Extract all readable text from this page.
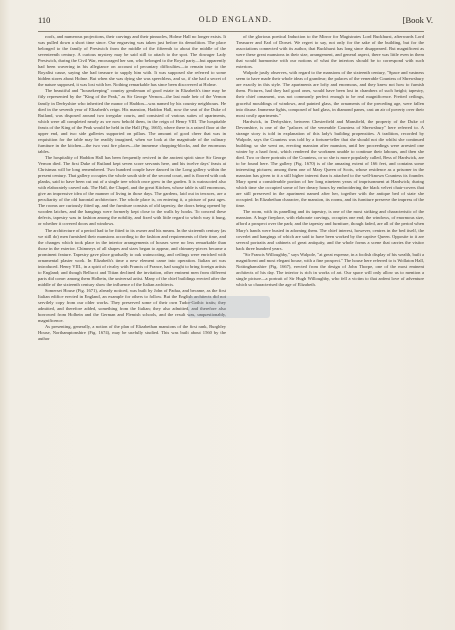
110	OLD ENGLAND.	[Book V.

roofs, and numerous projections, their carvings and their pinnacles, Holme Hall no longer exists. It was pulled down a short time since. Our engraving was taken just before its demolition. The place belonged to the family of Prestwich from the middle of the fifteenth to about the middle of the seventeenth century. A curious mystery may be said still to attach to the spot. The dowager Lady Prestwich, during the Civil War, encouraged her son, who belonged to the Royal party—but apparently had been wavering in his allegiance on account of pecuniary difficulties—to remain true to the Royalist cause, saying she had treasure to supply him with. It was supposed she referred to some hidden stores about Holme. But when she was dying she was speechless, and so, if she had a secret of the nature supposed, it was lost with her. Nothing remarkable has since been discovered at Holme.

The beautiful and "housekeeping" country gentleman of good estate in Elizabeth's time may be fitly represented by the "King of the Peak," as Sir George Vernon—the last male heir of the Vernon family in Derbyshire who inherited the manor of Haddon—was named by his country neighbours. He died in the seventh year of Elizabeth's reign. His mansion, Haddon Hall, now the seat of the Duke of Rutland, was disposed around two irregular courts, and consisted of various suites of apartments, which were all completed nearly as we now behold them, in the reign of Henry VIII. The hospitable feasts of the King of the Peak would be held in the Hall (Fig. 1665), where there is a raised floor at the upper end, and two side galleries supported on pillars. The amount of good cheer that was in requisition for the table may be readily imagined, when we look at the magnitude of the culinary furniture in the kitchen—the two vast fire places—the immense chopping-blocks, and the enormous tables.

The hospitality of Haddon Hall has been frequently revived in the ancient spirit since Sir George Vernon died. The first Duke of Rutland kept seven score servants here, and his twelve days' feasts at Christmas will be long remembered. Two hundred couple have danced in the Long gallery within the present century. That gallery occupies the whole south side of the second court, and is floored with oak planks, said to have been cut out of a single tree which once grew in the garden. It is wainscoted also with elaborately carved oak. The Hall, the Chapel, and the great Kitchen, whose table is still enormous, give an impressive idea of the manner of living in those days. The gardens, laid out in terraces, are a peculiarity of the old baronial architecture. The whole place is, on entering it, a picture of past ages. The rooms are curiously fitted up, and the furniture consists of old tapestry, the doors being opened by wooden latches, and the hangings were formerly kept close to the walls by hooks. To conceal these defects, tapestry was in fashion among the nobility, and fixed with little regard to which way it hung, or whether it covered doors and windows.

The architecture of a period had to be fitted to its owner and his means. In the sixteenth century (as we still do) men furnished their mansions according to the fashion and requirements of their time, and the changes which took place in the interior arrangements of houses were no less remarkable than those in the exterior. Chimneys of all shapes and sizes began to appear, and chimney-pieces became a prominent feature. Tapestry gave place gradually to oak wainscoting, and ceilings were enriched with ornamental plaster work. In Elizabeth's time a new element came into operation. Italian art was introduced. Henry VIII., in a spirit of rivalry with Francis of France, had sought to bring foreign artists to England; and though Bellucci and Titian declined the invitation, other eminent men from different parts did come: among them Holbein, the universal artist. Many of the chief buildings erected after the middle of the sixteenth century show the influence of the Italian architects.

Somerset House (Fig. 1671), already noticed, was built by John of Padua, and became, as the first Italian edifice erected in England, an example for others to follow. But the English architects did not servilely copy from our older works. They preserved some of their own Tudor-Gothic traits; they admitted, and therefore added, something from the Italian; they also admitted, and therefore also borrowed from Holbein and the German and Flemish schools, and the result was, unquestionably, magnificence.

As presenting, generally, a notion of the plan of Elizabethan mansions of the first rank, Burghley House, Northamptonshire (Fig. 1674), may be usefully studied. This was built about 1560 by the author

of the glorious poetical Induction to the Mirror for Magistrates Lord Buckhurst, afterwards Lord Treasurer and Earl of Dorset. We regret to say, not only for the sake of the building, but for the associations connected with its author, that Buckhurst has long since disappeared. But magnificent as were these great mansions in their size, arrangement, and general aspect, there was little even in them that would harmonise with our notions of what the interiors should be to correspond with such exteriors.

Walpole justly observes, with regard to the mansions of the sixteenth century, "Space and vastness seem to have made their whole ideas of grandeur; the palaces of the venerable Countess of Shrewsbury are exactly in this style. The apartments are lofty and enormous, and they knew not how to furnish them. Pictures, had they had good ones, would have been lost in chambers of such height; tapestry, their chief ornament, was not commonly perfect enough to be real magnificence. Fretted ceilings, graceful mouldings of windows, and painted glass, the ornaments of the preceding age, were fallen into disuse. Immense lights, composed of bad glass, in diamond panes, cast an air of poverty over their most costly apartments."

Hardwick, in Derbyshire, between Chesterfield and Mansfield, the property of the Duke of Devonshire, is one of the "palaces of the venerable Countess of Shrewsbury" here referred to. A strange story is told in explanation of this lady's building propensities. A tradition, recorded by Walpole, says the Countess was told by a fortune-teller that she should not die whilst she continued building; so she went on, erecting mansion after mansion, until her proceedings were arrested one winter by a hard frost, which rendered the workmen unable to continue their labours, and then she died. Two or three portraits of the Countess, or so she is more popularly called, Bess of Hardwick, are to be found here. The gallery (Fig. 1670) is of the amazing extent of 166 feet, and contains some interesting pictures; among them one of Mary Queen of Scots, whose residence as a prisoner in the mansion has given to it a still higher interest than is attached to the well-known Countess its founder. Mary spent a considerable portion of her long nineteen years of imprisonment at Hardwick; during which time she occupied some of her dreary hours by embroidering the black velvet chair-covers that are still preserved in the apartment named after her, together with the antique bed of state she occupied. In Elizabethan character, the mansion, its rooms, and its furniture preserve the impress of the time.

The room, with its panelling and its tapestry, is one of the most striking and characteristic of the mansion. A huge fireplace, with elaborate carvings, occupies one end; the windows, of enormous size, afford a prospect over the park; and the tapestry and furniture, though faded, are all of the period when Mary's hands were busied in adorning them. The chief interest, however, centres in the bed itself, the coverlet and hangings of which are said to have been worked by the captive Queen. Opposite to it are several portraits and cabinets of great antiquity, and the whole forms a scene that carries the visitor back three hundred years.

"Sir Francis Willoughby," says Walpole, "at great expense, in a foolish display of his wealth, built a magnificent and most elegant house, with a fine prospect." The house here referred to is Wollaton Hall, Nottinghamshire (Fig. 1667), erected from the design of John Thorpe, one of the most eminent architects of his day. The interior is rich in works of art. Our space will only allow us to mention a single picture—a portrait of Sir Hugh Willoughby, who fell a victim to that ardent love of adventure which so characterised the age of Elizabeth.
